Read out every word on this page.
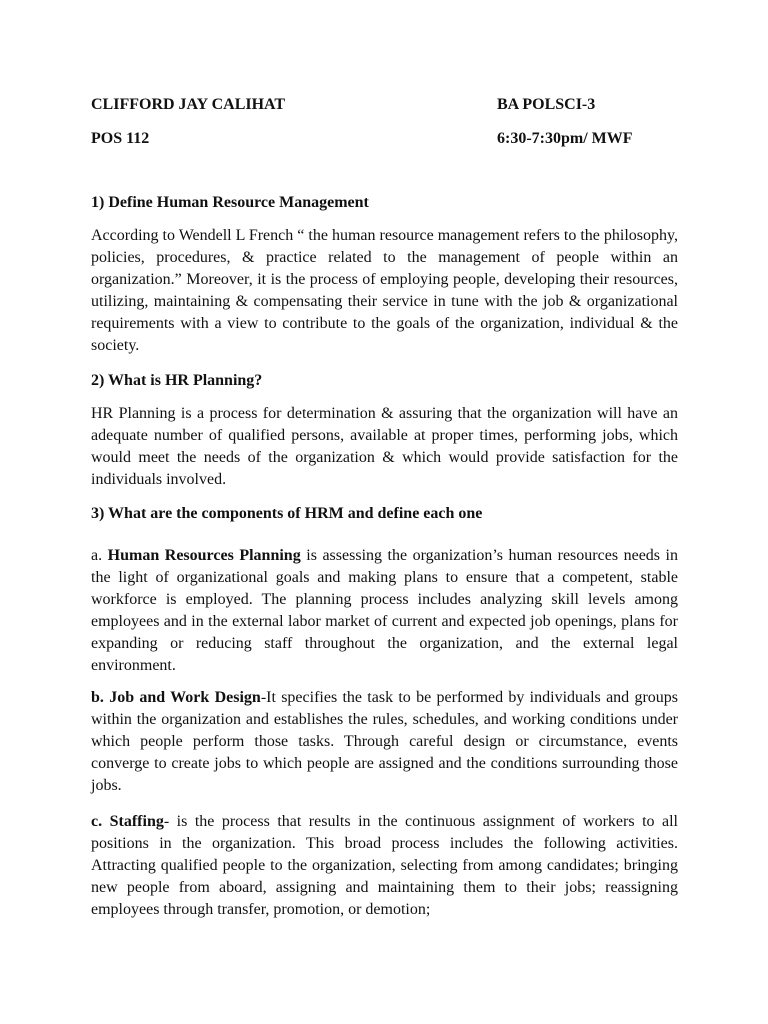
CLIFFORD JAY CALIHAT	BA POLSCI-3
POS 112	6:30-7:30pm/ MWF
1) Define Human Resource Management
According to Wendell L French “ the human resource management refers to the philosophy, policies, procedures, & practice related to the management of people within an organization.” Moreover, it is the process of employing people, developing their resources, utilizing, maintaining & compensating their service in tune with the job & organizational requirements with a view to contribute to the goals of the organization, individual & the society.
2) What is HR Planning?
HR Planning is a process for determination & assuring that the organization will have an adequate number of qualified persons, available at proper times, performing jobs, which would meet the needs of the organization & which would provide satisfaction for the individuals involved.
3) What are the components of HRM and define each one
a. Human Resources Planning is assessing the organization’s human resources needs in the light of organizational goals and making plans to ensure that a competent, stable workforce is employed. The planning process includes analyzing skill levels among employees and in the external labor market of current and expected job openings, plans for expanding or reducing staff throughout the organization, and the external legal environment.
b. Job and Work Design-It specifies the task to be performed by individuals and groups within the organization and establishes the rules, schedules, and working conditions under which people perform those tasks. Through careful design or circumstance, events converge to create jobs to which people are assigned and the conditions surrounding those jobs.
c. Staffing- is the process that results in the continuous assignment of workers to all positions in the organization. This broad process includes the following activities. Attracting qualified people to the organization, selecting from among candidates; bringing new people from aboard, assigning and maintaining them to their jobs; reassigning employees through transfer, promotion, or demotion;
